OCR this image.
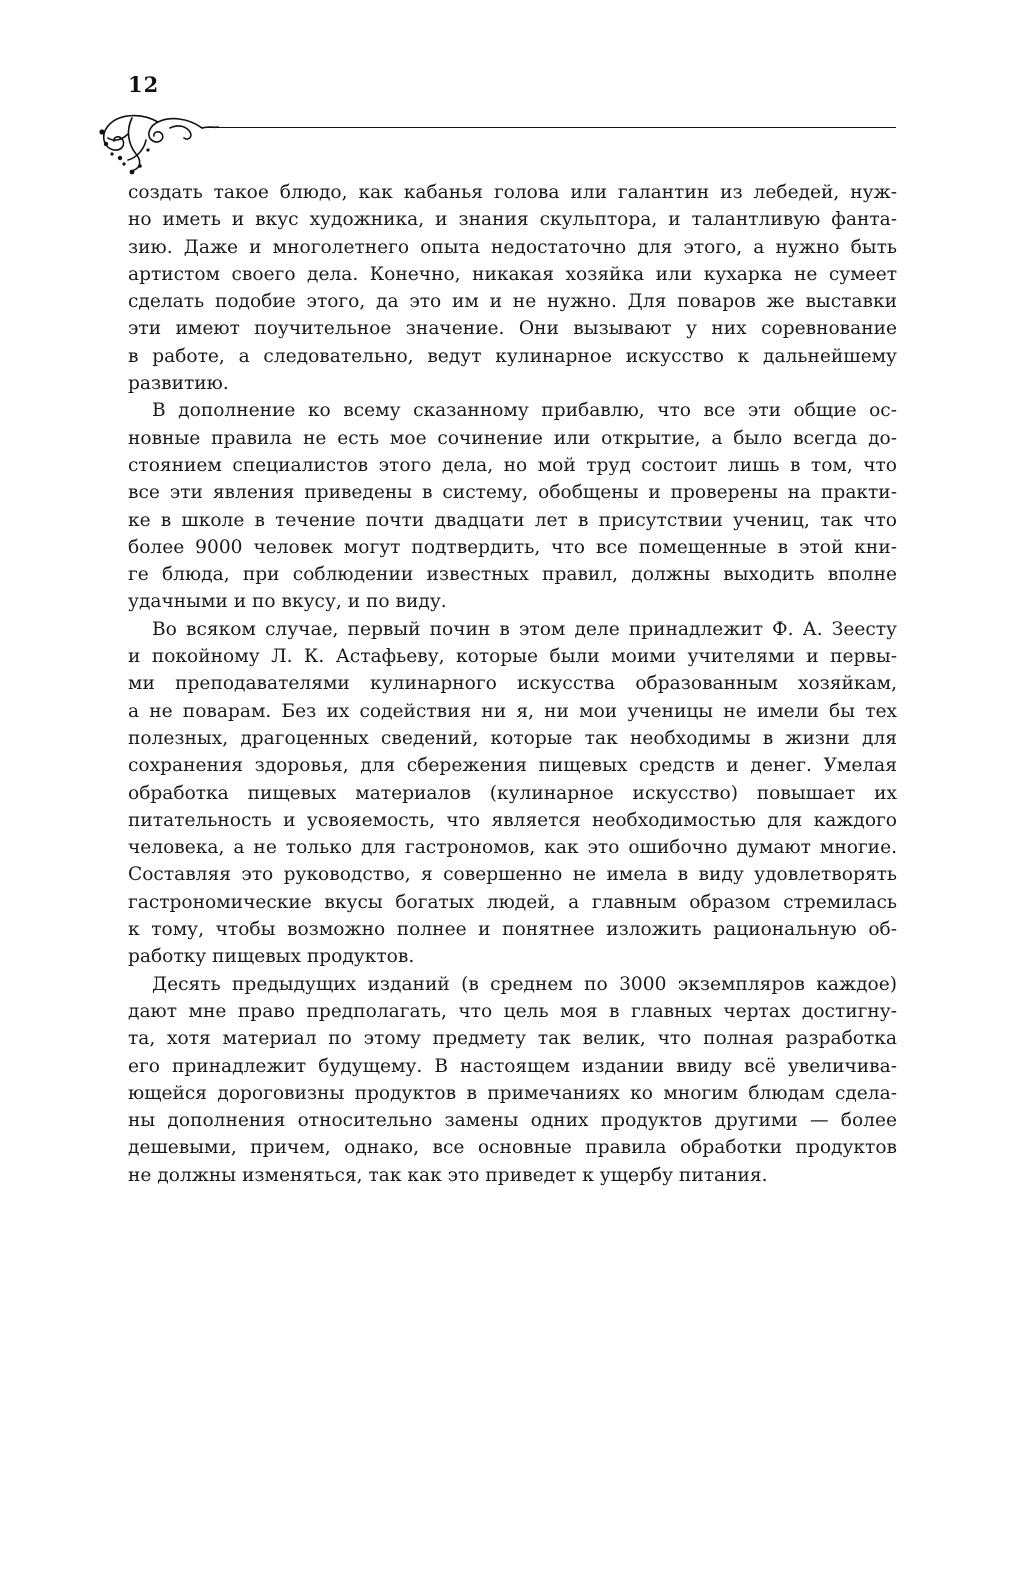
12
создать такое блюдо, как кабанья голова или галантин из лебедей, нуж-
но иметь и вкус художника, и знания скульптора, и талантливую фанта-
зию. Даже и многолетнего опыта недостаточно для этого, а нужно быть
артистом своего дела. Конечно, никакая хозяйка или кухарка не сумеет
сделать подобие этого, да это им и не нужно. Для поваров же выставки
эти имеют поучительное значение. Они вызывают у них соревнование
в работе, а следовательно, ведут кулинарное искусство к дальнейшему
развитию.
В дополнение ко всему сказанному прибавлю, что все эти общие ос-
новные правила не есть мое сочинение или открытие, а было всегда до-
стоянием специалистов этого дела, но мой труд состоит лишь в том, что
все эти явления приведены в систему, обобщены и проверены на практи-
ке в школе в течение почти двадцати лет в присутствии учениц, так что
более 9000 человек могут подтвердить, что все помещенные в этой кни-
ге блюда, при соблюдении известных правил, должны выходить вполне
удачными и по вкусу, и по виду.
Во всяком случае, первый почин в этом деле принадлежит Ф. А. Зеесту
и покойному Л. К. Астафьеву, которые были моими учителями и первы-
ми преподавателями кулинарного искусства образованным хозяйкам,
а не поварам. Без их содействия ни я, ни мои ученицы не имели бы тех
полезных, драгоценных сведений, которые так необходимы в жизни для
сохранения здоровья, для сбережения пищевых средств и денег. Умелая
обработка пищевых материалов (кулинарное искусство) повышает их
питательность и усвояемость, что является необходимостью для каждого
человека, а не только для гастрономов, как это ошибочно думают многие.
Составляя это руководство, я совершенно не имела в виду удовлетворять
гастрономические вкусы богатых людей, а главным образом стремилась
к тому, чтобы возможно полнее и понятнее изложить рациональную об-
работку пищевых продуктов.
Десять предыдущих изданий (в среднем по 3000 экземпляров каждое)
дают мне право предполагать, что цель моя в главных чертах достигну-
та, хотя материал по этому предмету так велик, что полная разработка
его принадлежит будущему. В настоящем издании ввиду всё увеличива-
ющейся дороговизны продуктов в примечаниях ко многим блюдам сдела-
ны дополнения относительно замены одних продуктов другими — более
дешевыми, причем, однако, все основные правила обработки продуктов
не должны изменяться, так как это приведет к ущербу питания.
